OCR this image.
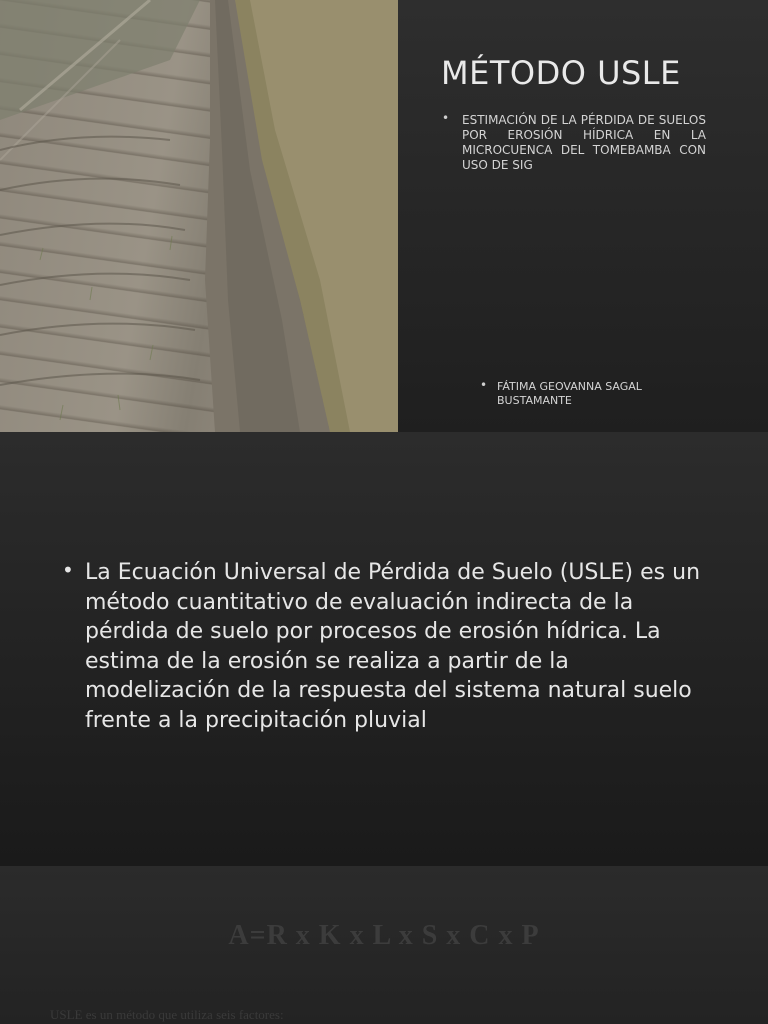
MÉTODO USLE
• ESTIMACIÓN DE LA PÉRDIDA DE SUELOS POR EROSIÓN HÍDRICA EN LA MICROCUENCA DEL TOMEBAMBA CON USO DE SIG
• FÁTIMA GEOVANNA SAGAL BUSTAMANTE
• La Ecuación Universal de Pérdida de Suelo (USLE) es un método cuantitativo de evaluación indirecta de la pérdida de suelo por procesos de erosión hídrica. La estima de la erosión se realiza a partir de la modelización de la respuesta del sistema natural suelo frente a la precipitación pluvial
A=R x K x L x S x C x P
USLE es un método que utiliza seis factores:
